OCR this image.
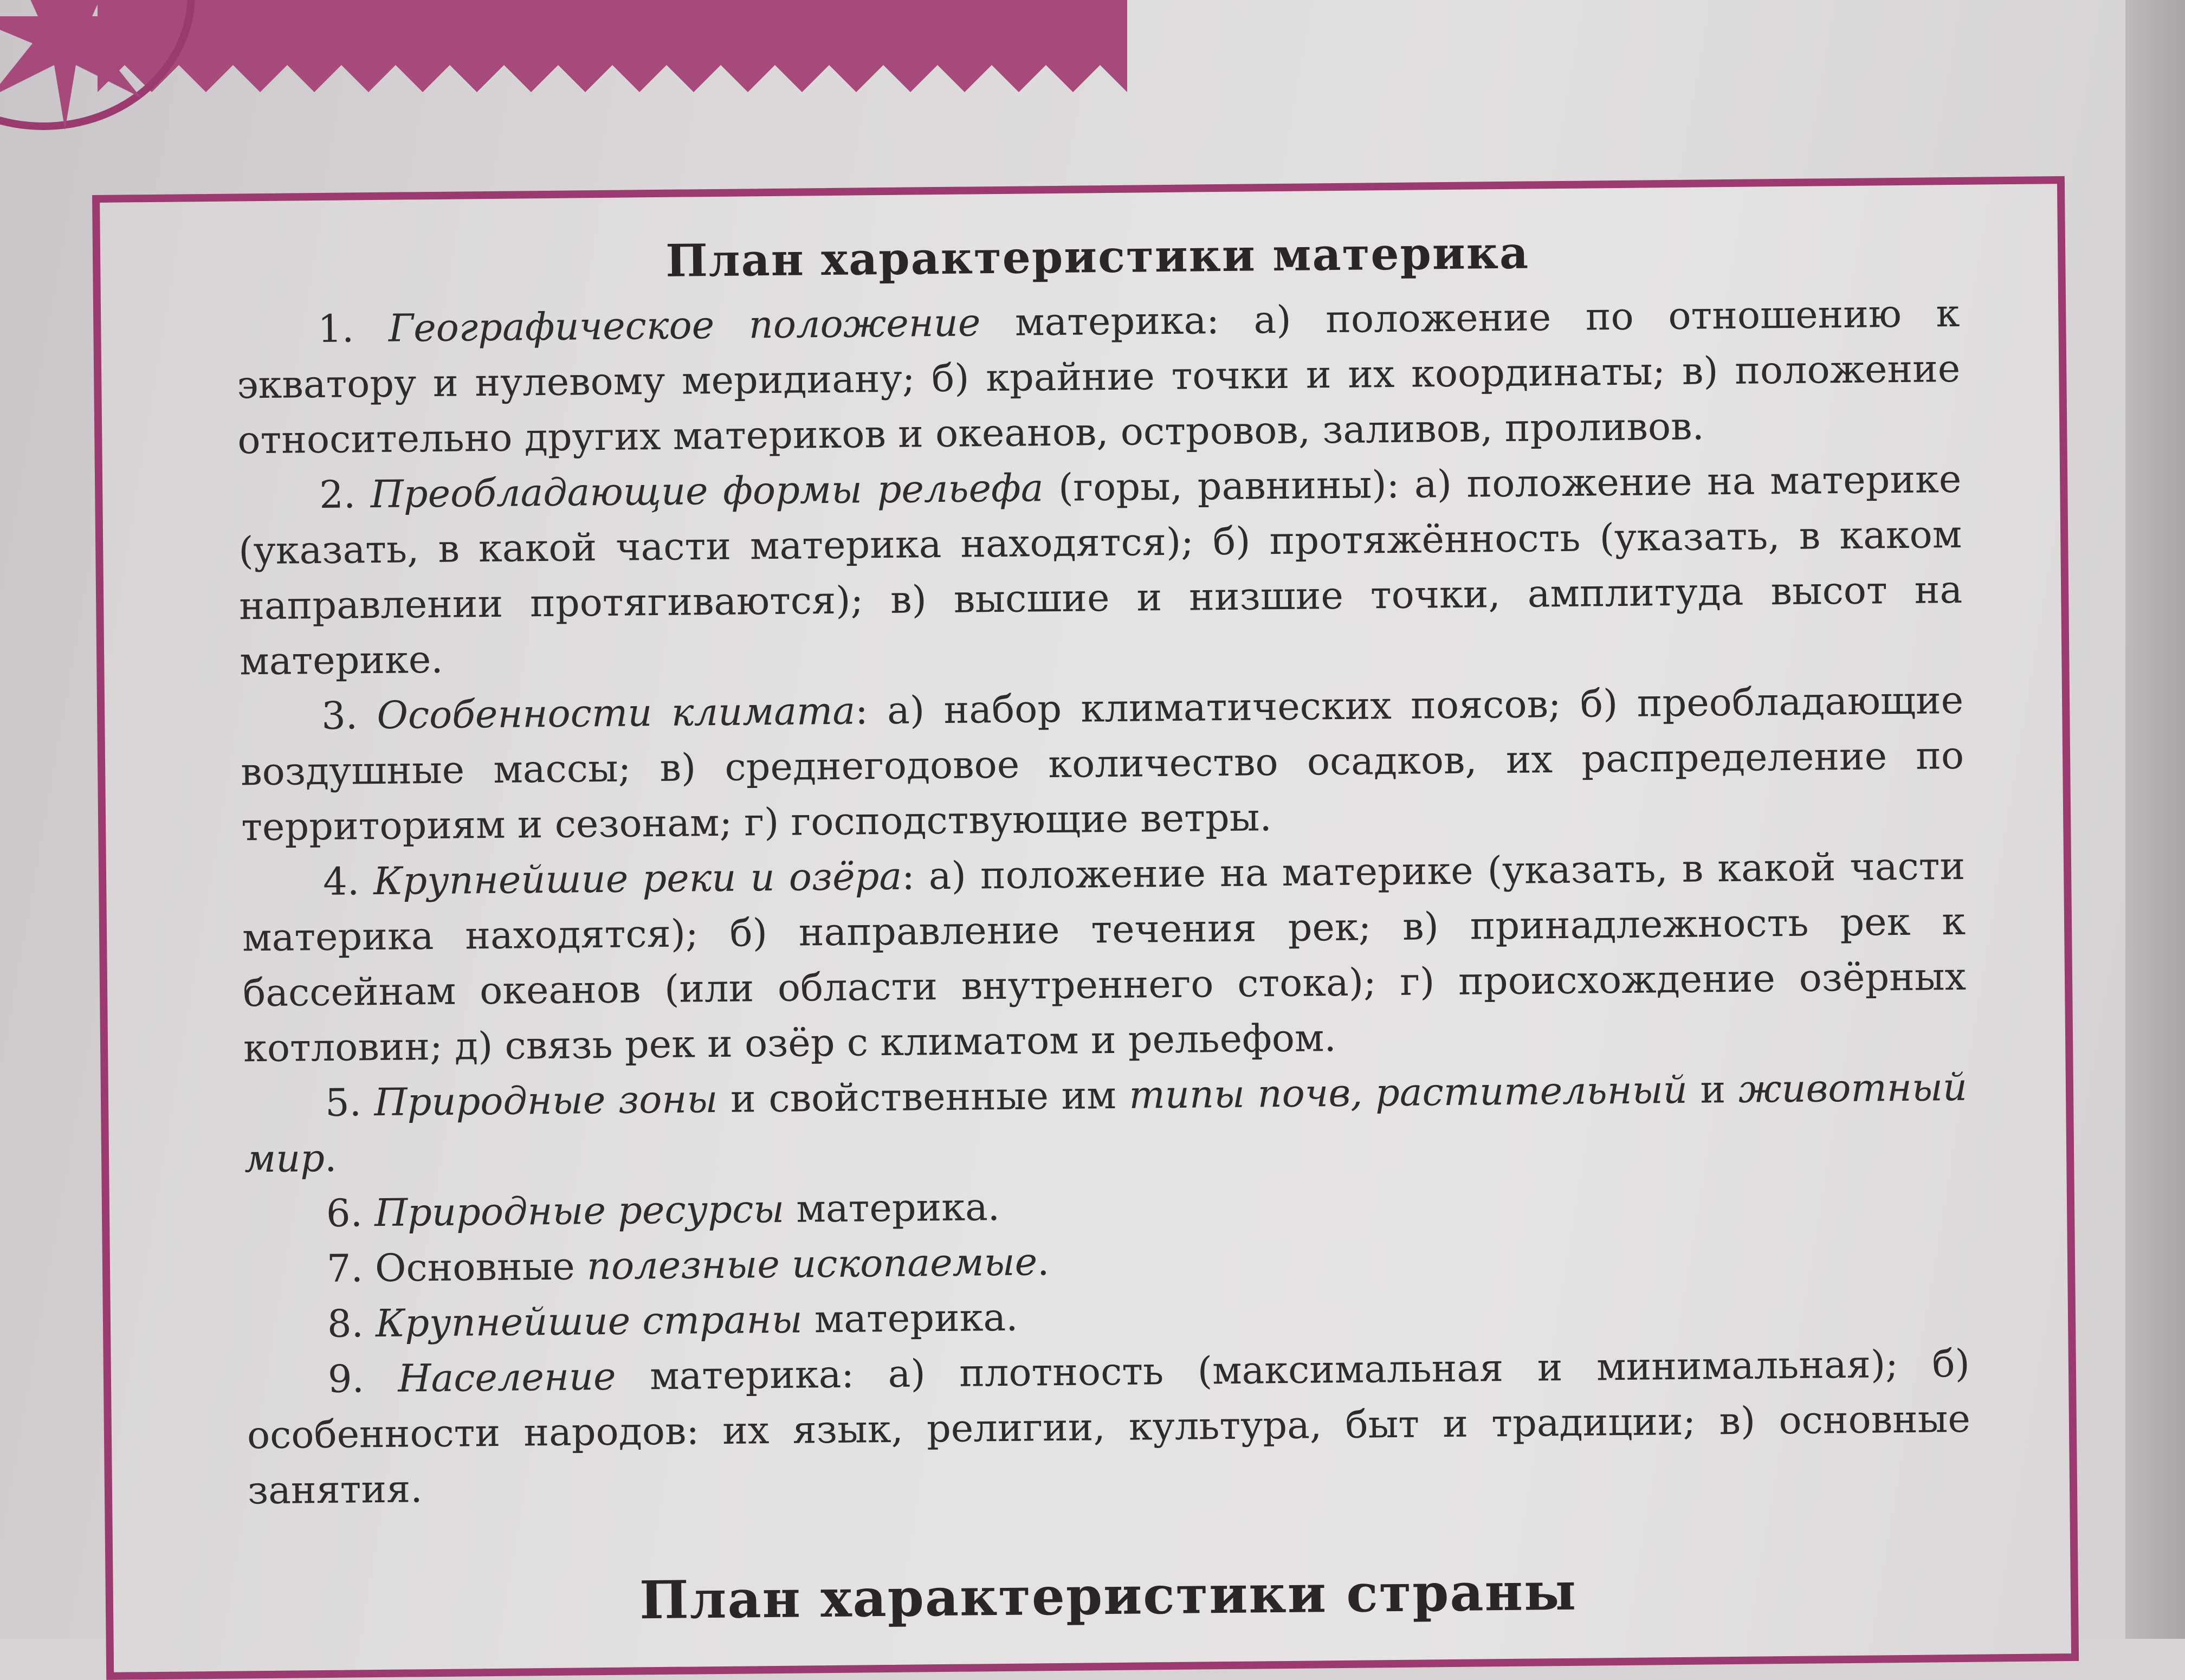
План характеристики материка

1. Географическое положение материка: а) положение по отношению к экватору и нулевому меридиану; б) крайние точки и их координаты; в) положение относительно других материков и океанов, островов, заливов, проливов.

2. Преобладающие формы рельефа (горы, равнины): а) положение на материке (указать, в какой части материка находятся); б) протяжённость (указать, в каком направлении протягиваются); в) высшие и низшие точки, амплитуда высот на материке.

3. Особенности климата: а) набор климатических поясов; б) преобладающие воздушные массы; в) среднегодовое количество осадков, их распределение по территориям и сезонам; г) господствующие ветры.

4. Крупнейшие реки и озёра: а) положение на материке (указать, в какой части материка находятся); б) направление течения рек; в) принадлежность рек к бассейнам океанов (или области внутреннего стока); г) происхождение озёрных котловин; д) связь рек и озёр с климатом и рельефом.

5. Природные зоны и свойственные им типы почв, растительный и животный мир.

6. Природные ресурсы материка.

7. Основные полезные ископаемые.

8. Крупнейшие страны материка.

9. Население материка: а) плотность (максимальная и минимальная); б) особенности народов: их язык, религии, культура, быт и традиции; в) основные занятия.

План характеристики страны
